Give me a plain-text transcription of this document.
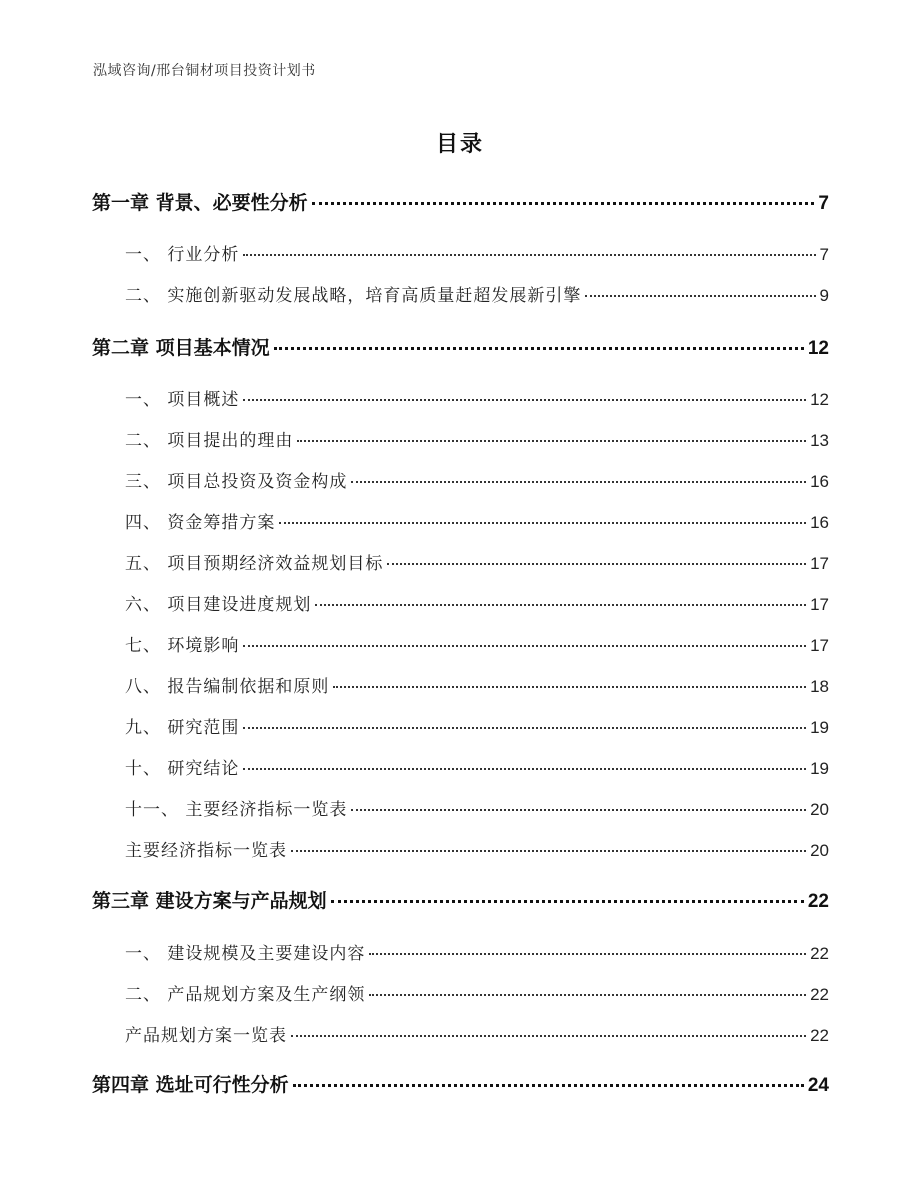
泓域咨询/邢台铜材项目投资计划书
目录
第一章 背景、必要性分析	7
一、 行业分析	7
二、 实施创新驱动发展战略，培育高质量赶超发展新引擎	9
第二章 项目基本情况	12
一、 项目概述	12
二、 项目提出的理由	13
三、 项目总投资及资金构成	16
四、 资金筹措方案	16
五、 项目预期经济效益规划目标	17
六、 项目建设进度规划	17
七、 环境影响	17
八、 报告编制依据和原则	18
九、 研究范围	19
十、 研究结论	19
十一、 主要经济指标一览表	20
主要经济指标一览表	20
第三章 建设方案与产品规划	22
一、 建设规模及主要建设内容	22
二、 产品规划方案及生产纲领	22
产品规划方案一览表	22
第四章 选址可行性分析	24
